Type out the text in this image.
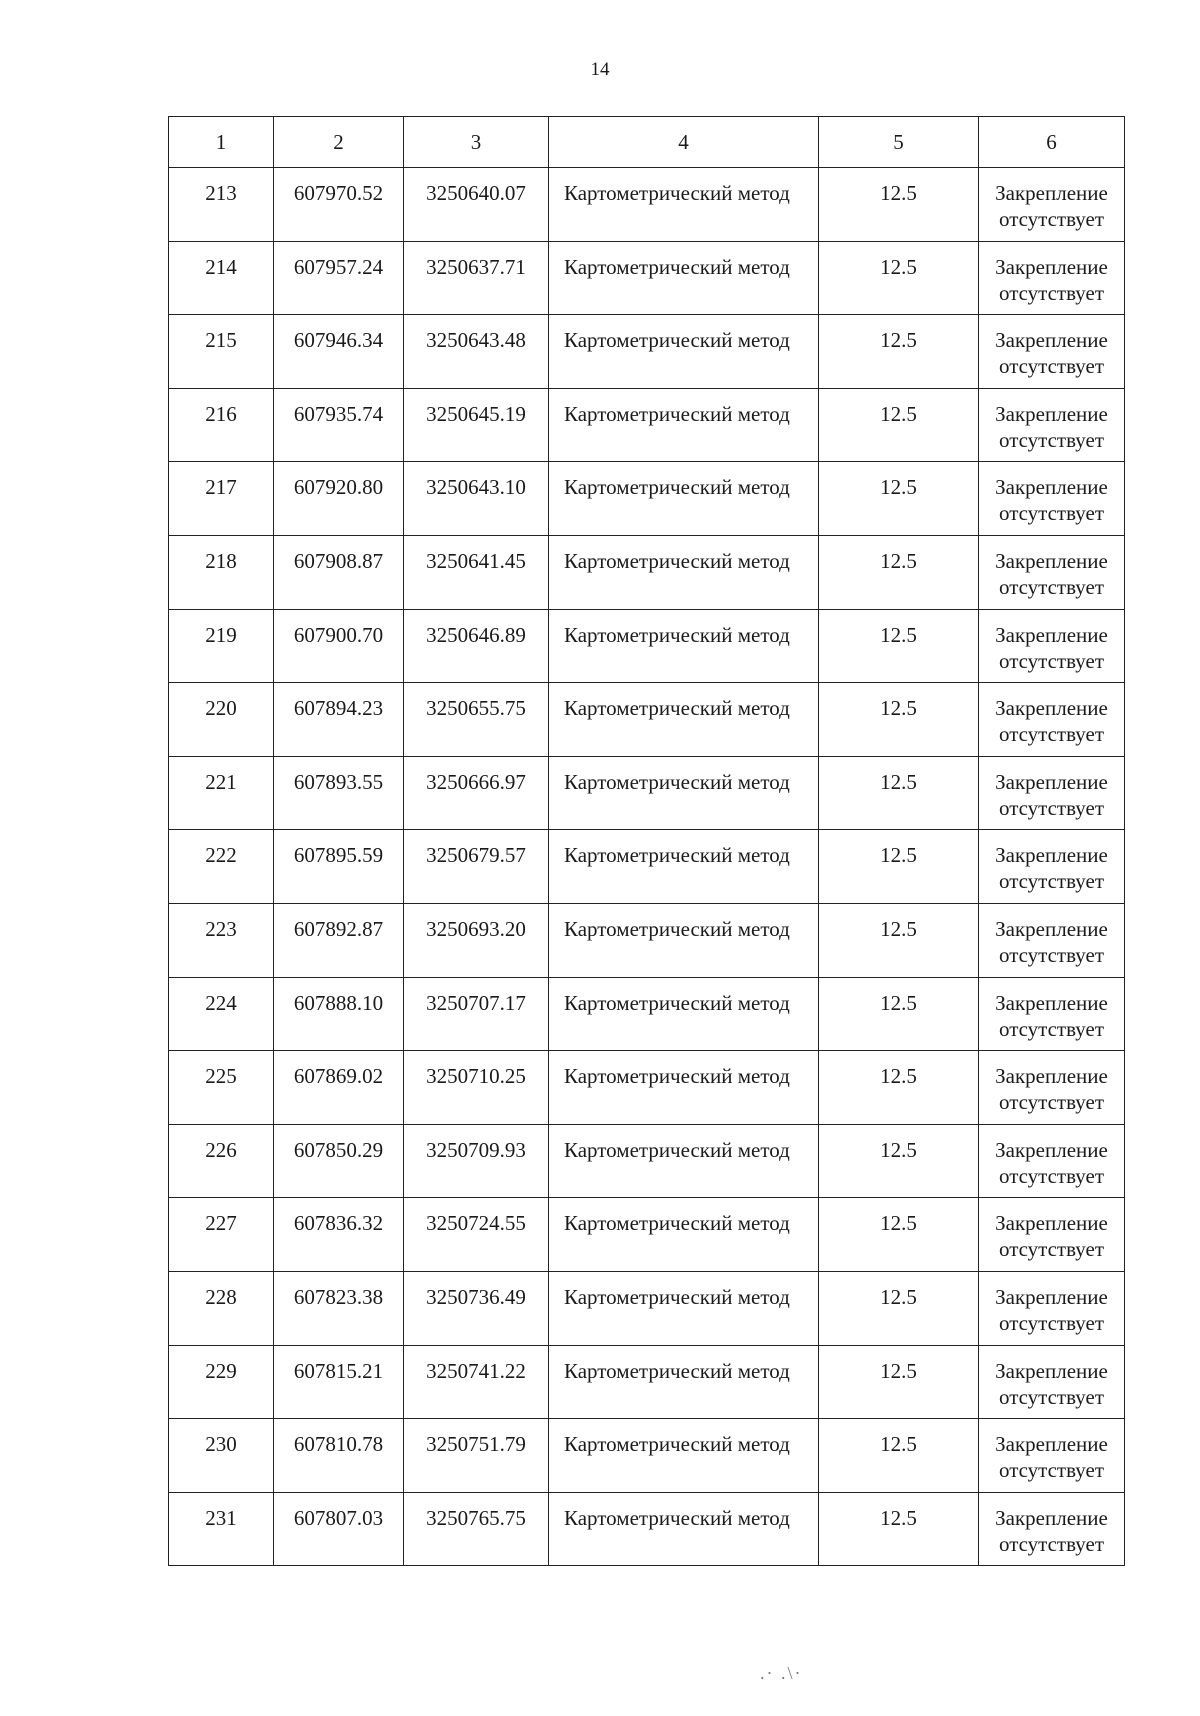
14
1	2	3	4	5	6
213	607970.52	3250640.07	Картометрический метод	12.5	Закрепление отсутствует
214	607957.24	3250637.71	Картометрический метод	12.5	Закрепление отсутствует
215	607946.34	3250643.48	Картометрический метод	12.5	Закрепление отсутствует
216	607935.74	3250645.19	Картометрический метод	12.5	Закрепление отсутствует
217	607920.80	3250643.10	Картометрический метод	12.5	Закрепление отсутствует
218	607908.87	3250641.45	Картометрический метод	12.5	Закрепление отсутствует
219	607900.70	3250646.89	Картометрический метод	12.5	Закрепление отсутствует
220	607894.23	3250655.75	Картометрический метод	12.5	Закрепление отсутствует
221	607893.55	3250666.97	Картометрический метод	12.5	Закрепление отсутствует
222	607895.59	3250679.57	Картометрический метод	12.5	Закрепление отсутствует
223	607892.87	3250693.20	Картометрический метод	12.5	Закрепление отсутствует
224	607888.10	3250707.17	Картометрический метод	12.5	Закрепление отсутствует
225	607869.02	3250710.25	Картометрический метод	12.5	Закрепление отсутствует
226	607850.29	3250709.93	Картометрический метод	12.5	Закрепление отсутствует
227	607836.32	3250724.55	Картометрический метод	12.5	Закрепление отсутствует
228	607823.38	3250736.49	Картометрический метод	12.5	Закрепление отсутствует
229	607815.21	3250741.22	Картометрический метод	12.5	Закрепление отсутствует
230	607810.78	3250751.79	Картометрический метод	12.5	Закрепление отсутствует
231	607807.03	3250765.75	Картометрический метод	12.5	Закрепление отсутствует
.· .\·
